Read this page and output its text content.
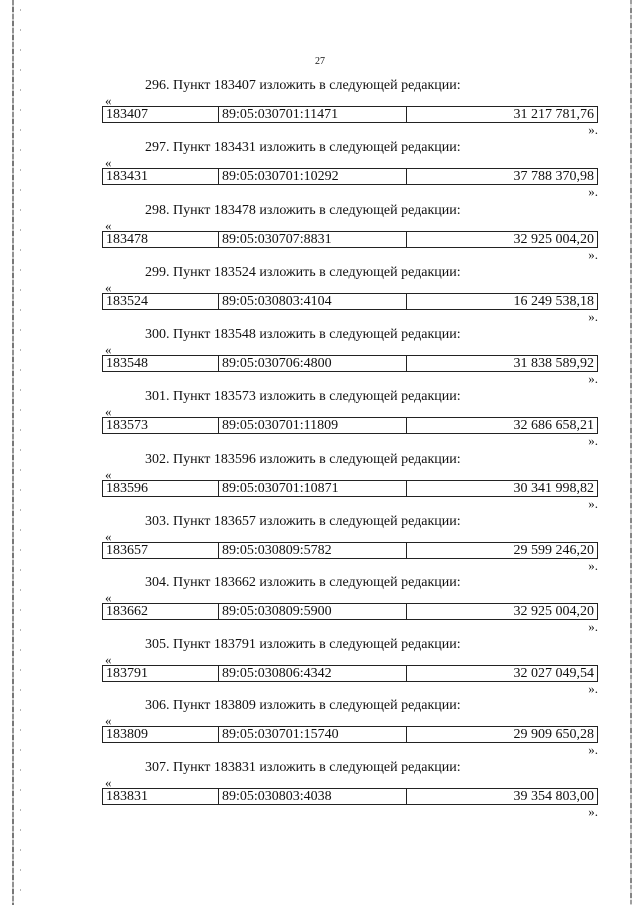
27
296. Пункт 183407 изложить в следующей редакции:
«
183407	89:05:030701:11471	31 217 781,76
».
297. Пункт 183431 изложить в следующей редакции:
«
183431	89:05:030701:10292	37 788 370,98
».
298. Пункт 183478 изложить в следующей редакции:
«
183478	89:05:030707:8831	32 925 004,20
».
299. Пункт 183524 изложить в следующей редакции:
«
183524	89:05:030803:4104	16 249 538,18
».
300. Пункт 183548 изложить в следующей редакции:
«
183548	89:05:030706:4800	31 838 589,92
».
301. Пункт 183573 изложить в следующей редакции:
«
183573	89:05:030701:11809	32 686 658,21
».
302. Пункт 183596 изложить в следующей редакции:
«
183596	89:05:030701:10871	30 341 998,82
».
303. Пункт 183657 изложить в следующей редакции:
«
183657	89:05:030809:5782	29 599 246,20
».
304. Пункт 183662 изложить в следующей редакции:
«
183662	89:05:030809:5900	32 925 004,20
».
305. Пункт 183791 изложить в следующей редакции:
«
183791	89:05:030806:4342	32 027 049,54
».
306. Пункт 183809 изложить в следующей редакции:
«
183809	89:05:030701:15740	29 909 650,28
».
307. Пункт 183831 изложить в следующей редакции:
«
183831	89:05:030803:4038	39 354 803,00
».
